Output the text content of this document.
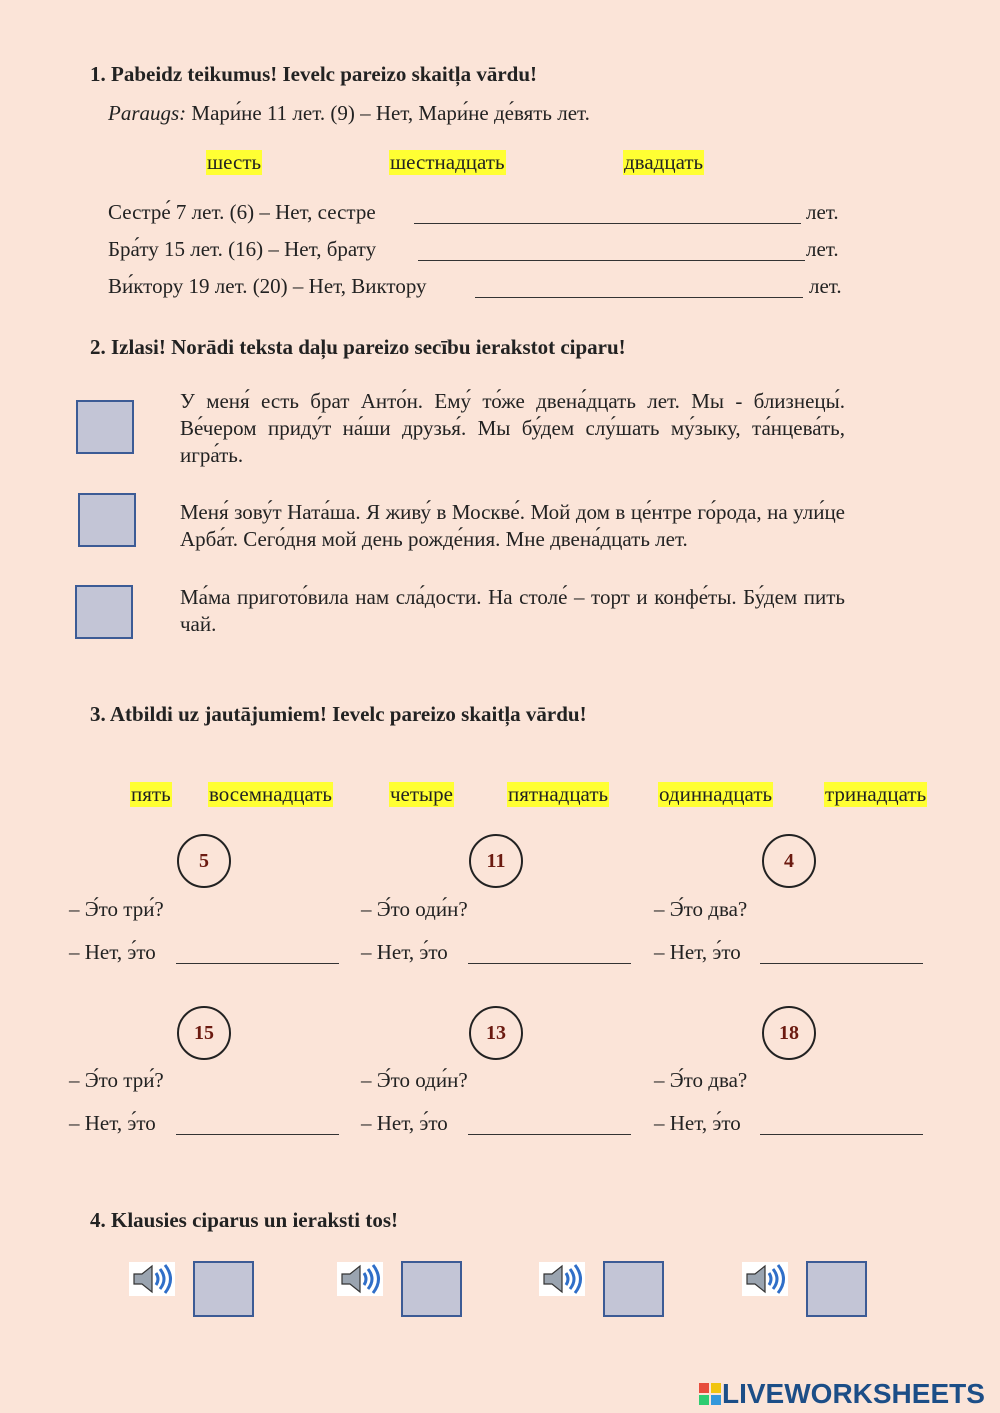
1. Pabeidz teikumus! Ievelc pareizo skaitļa vārdu!
Paraugs: Мари́не 11 лет. (9) – Нет, Мари́не де́вять лет.
шесть	шестнадцать	двадцать
Сестре́ 7 лет. (6) – Нет, сестре	лет.
Бра́ту 15 лет. (16) – Нет, брату	лет.
Ви́ктору 19 лет. (20) – Нет, Виктору	лет.
2. Izlasi! Norādi teksta daļu pareizo secību ierakstot ciparu!
У меня́ есть брат Анто́н. Ему́ то́же двена́дцать лет. Мы - близнецы́. Ве́чером приду́т на́ши друзья́. Мы бу́дем слу́шать му́зыку, та́нцева́ть, игра́ть.
Меня́ зову́т Ната́ша. Я живу́ в Москве́. Мой дом в це́нтре го́рода, на ули́це Арба́т. Сего́дня мой день рожде́ния. Мне двена́дцать лет.
Ма́ма пригото́вила нам сла́дости. На столе́ – торт и конфе́ты. Бу́дем пить чай.
3. Atbildi uz jautājumiem! Ievelc pareizo skaitļa vārdu!
пять восемнадцать	четыре	пятнадцать одиннадцать	тринадцать
5
– Э́то три́?
– Нет, э́то
11
– Э́то оди́н?
– Нет, э́то
4
– Э́то два?
– Нет, э́то
15
– Э́то три́?
– Нет, э́то
13
– Э́то оди́н?
– Нет, э́то
18
– Э́то два?
– Нет, э́то
4. Klausies ciparus un ieraksti tos!
LIVEWORKSHEETS
